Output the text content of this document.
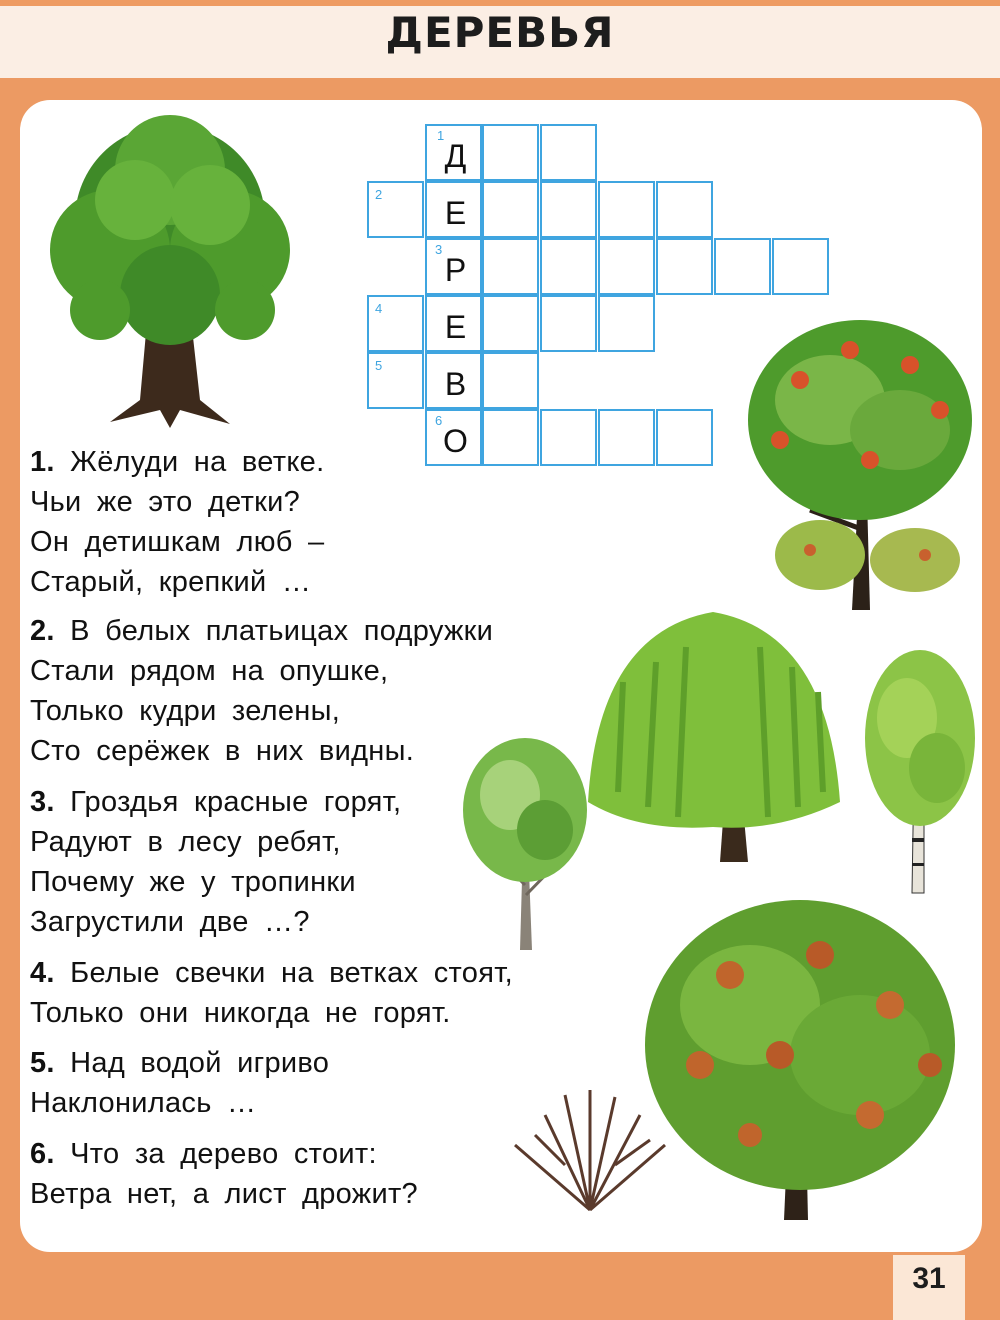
ДЕРЕВЬЯ
1
Д
2
Е
3
Р
4
Е
5
В
6
О
1. Жёлуди на ветке.
Чьи же это детки?
Он детишкам люб –
Старый, крепкий …
2. В белых платьицах подружки
Стали рядом на опушке,
Только кудри зелены,
Сто серёжек в них видны.
3. Гроздья красные горят,
Радуют в лесу ребят,
Почему же у тропинки
Загрустили две …?
4. Белые свечки на ветках стоят,
Только они никогда не горят.
5. Над водой игриво
Наклонилась …
6. Что за дерево стоит:
Ветра нет, а лист дрожит?
31
